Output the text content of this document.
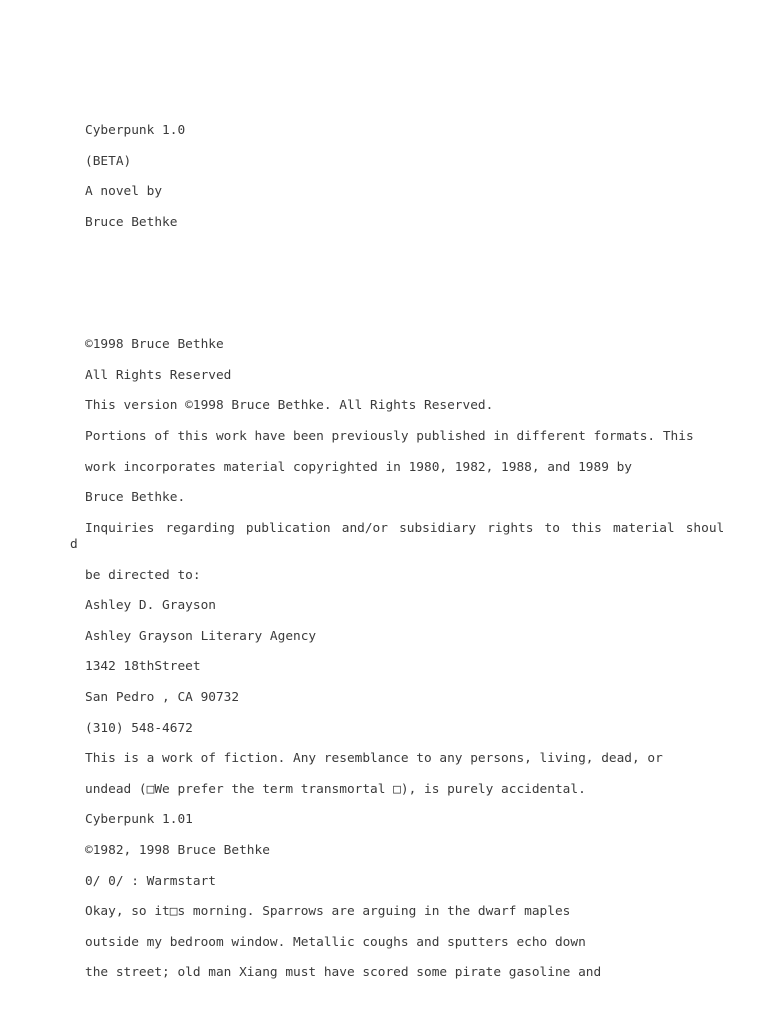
Cyberpunk 1.0
(BETA)
A novel by
Bruce Bethke
©1998 Bruce Bethke
All Rights Reserved
This version ©1998 Bruce Bethke. All Rights Reserved.
Portions of this work have been previously published in different formats. This
work incorporates material copyrighted in 1980, 1982, 1988, and 1989 by
Bruce Bethke.
Inquiries regarding publication and/or subsidiary rights to this material shoul
d
be directed to:
Ashley D. Grayson
Ashley Grayson Literary Agency
1342 18thStreet
San Pedro , CA 90732
(310) 548-4672
This is a work of fiction. Any resemblance to any persons, living, dead, or
undead (□We prefer the term transmortal □), is purely accidental.
Cyberpunk 1.01
©1982, 1998 Bruce Bethke
0/ 0/ : Warmstart
Okay, so it□s morning. Sparrows are arguing in the dwarf maples
outside my bedroom window. Metallic coughs and sputters echo down
the street; old man Xiang must have scored some pirate gasoline and
